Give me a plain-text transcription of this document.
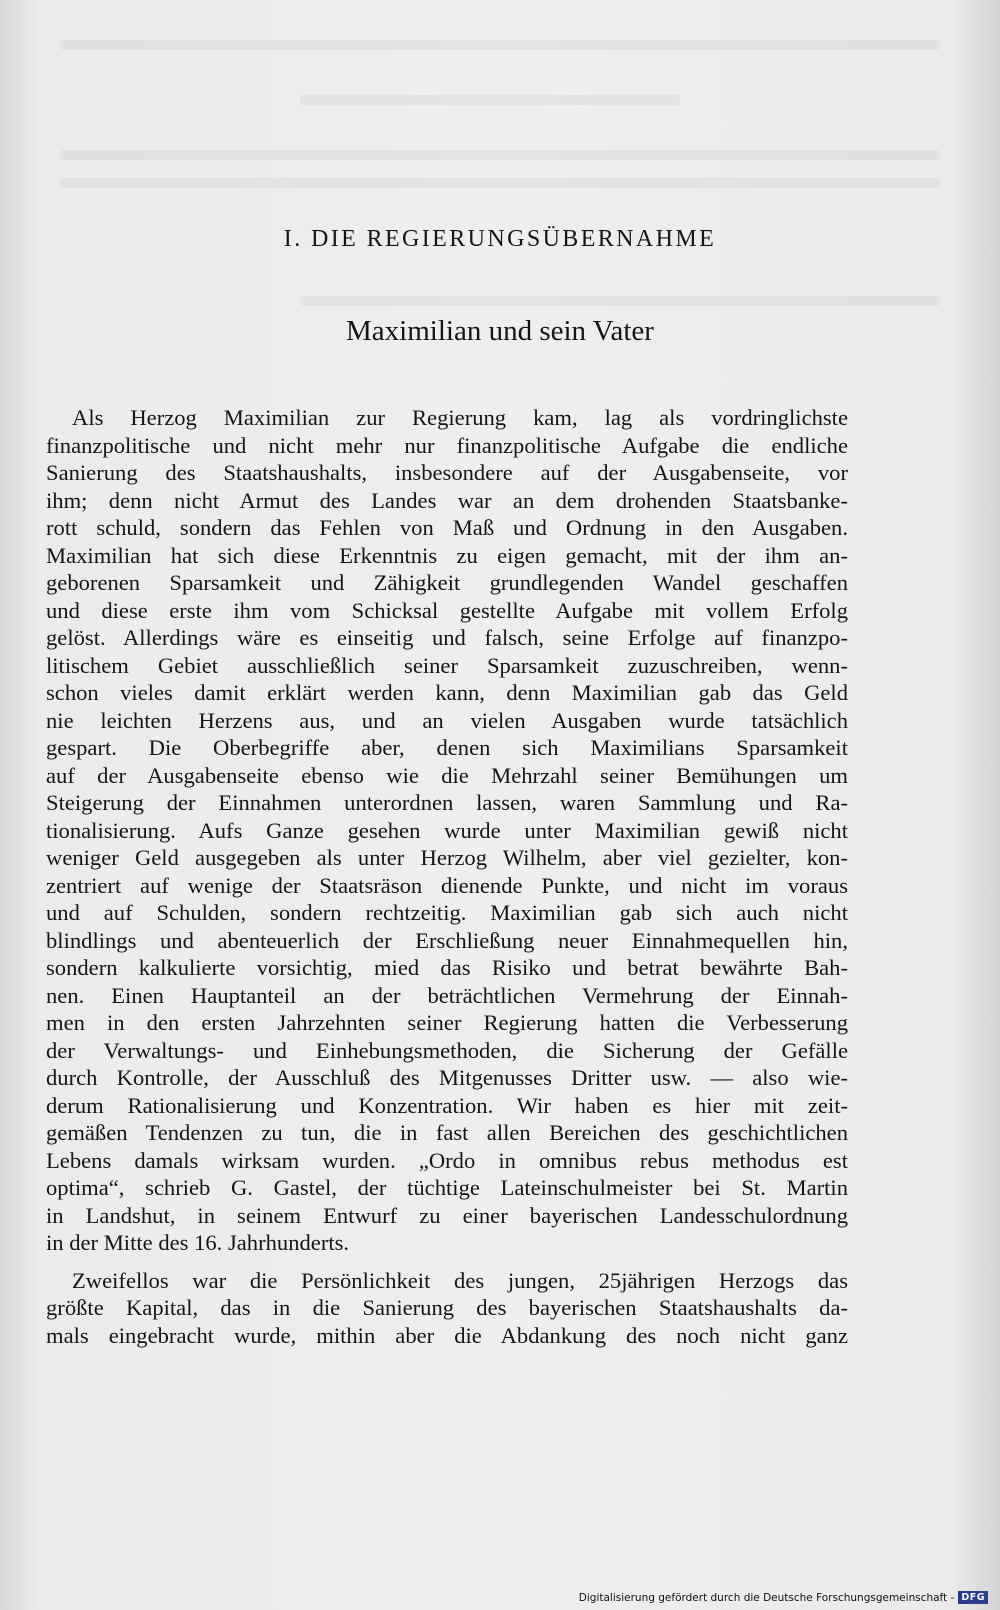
I. DIE REGIERUNGSÜBERNAHME
Maximilian und sein Vater
Als Herzog Maximilian zur Regierung kam, lag als vordringlichste
finanzpolitische und nicht mehr nur finanzpolitische Aufgabe die endliche
Sanierung des Staatshaushalts, insbesondere auf der Ausgabenseite, vor
ihm; denn nicht Armut des Landes war an dem drohenden Staatsbanke-
rott schuld, sondern das Fehlen von Maß und Ordnung in den Ausgaben.
Maximilian hat sich diese Erkenntnis zu eigen gemacht, mit der ihm an-
geborenen Sparsamkeit und Zähigkeit grundlegenden Wandel geschaffen
und diese erste ihm vom Schicksal gestellte Aufgabe mit vollem Erfolg
gelöst. Allerdings wäre es einseitig und falsch, seine Erfolge auf finanzpo-
litischem Gebiet ausschließlich seiner Sparsamkeit zuzuschreiben, wenn-
schon vieles damit erklärt werden kann, denn Maximilian gab das Geld
nie leichten Herzens aus, und an vielen Ausgaben wurde tatsächlich
gespart. Die Oberbegriffe aber, denen sich Maximilians Sparsamkeit
auf der Ausgabenseite ebenso wie die Mehrzahl seiner Bemühungen um
Steigerung der Einnahmen unterordnen lassen, waren Sammlung und Ra-
tionalisierung. Aufs Ganze gesehen wurde unter Maximilian gewiß nicht
weniger Geld ausgegeben als unter Herzog Wilhelm, aber viel gezielter, kon-
zentriert auf wenige der Staatsräson dienende Punkte, und nicht im voraus
und auf Schulden, sondern rechtzeitig. Maximilian gab sich auch nicht
blindlings und abenteuerlich der Erschließung neuer Einnahmequellen hin,
sondern kalkulierte vorsichtig, mied das Risiko und betrat bewährte Bah-
nen. Einen Hauptanteil an der beträchtlichen Vermehrung der Einnah-
men in den ersten Jahrzehnten seiner Regierung hatten die Verbesserung
der Verwaltungs- und Einhebungsmethoden, die Sicherung der Gefälle
durch Kontrolle, der Ausschluß des Mitgenusses Dritter usw. — also wie-
derum Rationalisierung und Konzentration. Wir haben es hier mit zeit-
gemäßen Tendenzen zu tun, die in fast allen Bereichen des geschichtlichen
Lebens damals wirksam wurden. „Ordo in omnibus rebus methodus est
optima“, schrieb G. Gastel, der tüchtige Lateinschulmeister bei St. Martin
in Landshut, in seinem Entwurf zu einer bayerischen Landesschulordnung
in der Mitte des 16. Jahrhunderts.
Zweifellos war die Persönlichkeit des jungen, 25jährigen Herzogs das
größte Kapital, das in die Sanierung des bayerischen Staatshaushalts da-
mals eingebracht wurde, mithin aber die Abdankung des noch nicht ganz
Digitalisierung gefördert durch die Deutsche Forschungsgemeinschaft - DFG
